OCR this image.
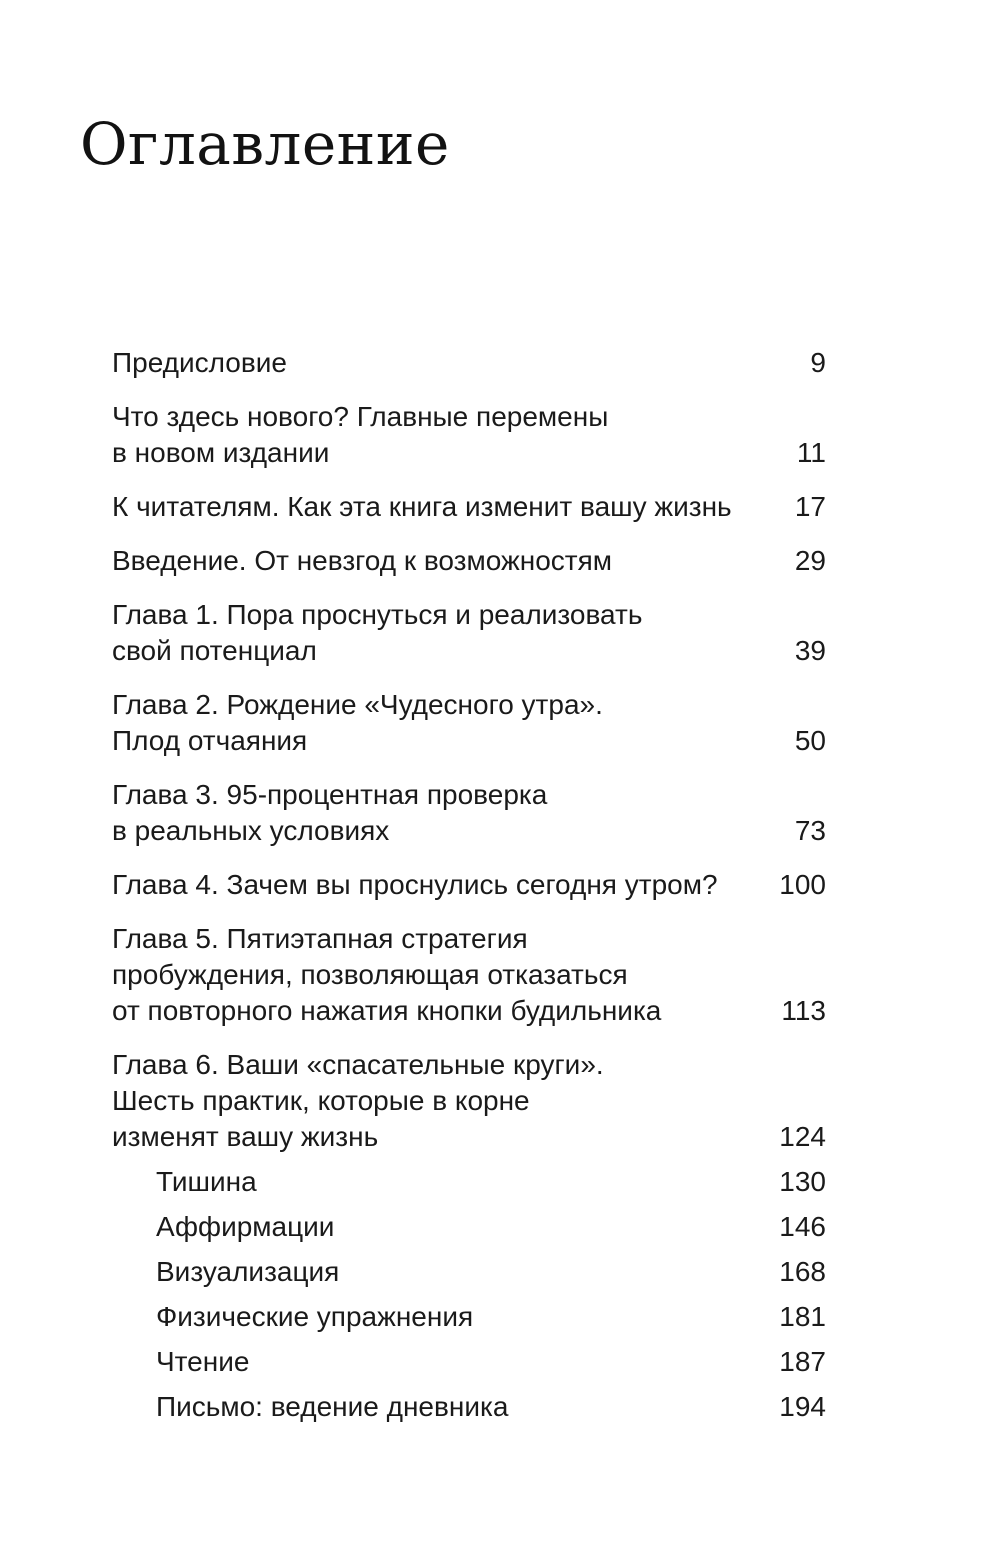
Оглавление
Предисловие	9
Что здесь нового? Главные перемены
в новом издании	11
К читателям. Как эта книга изменит вашу жизнь	17
Введение. От невзгод к возможностям	29
Глава 1. Пора проснуться и реализовать
свой потенциал	39
Глава 2. Рождение «Чудесного утра».
Плод отчаяния	50
Глава 3. 95-процентная проверка
в реальных условиях	73
Глава 4. Зачем вы проснулись сегодня утром?	100
Глава 5. Пятиэтапная стратегия
пробуждения, позволяющая отказаться
от повторного нажатия кнопки будильника	113
Глава 6. Ваши «спасательные круги».
Шесть практик, которые в корне
изменят вашу жизнь	124
Тишина	130
Аффирмации	146
Визуализация	168
Физические упражнения	181
Чтение	187
Письмо: ведение дневника	194
